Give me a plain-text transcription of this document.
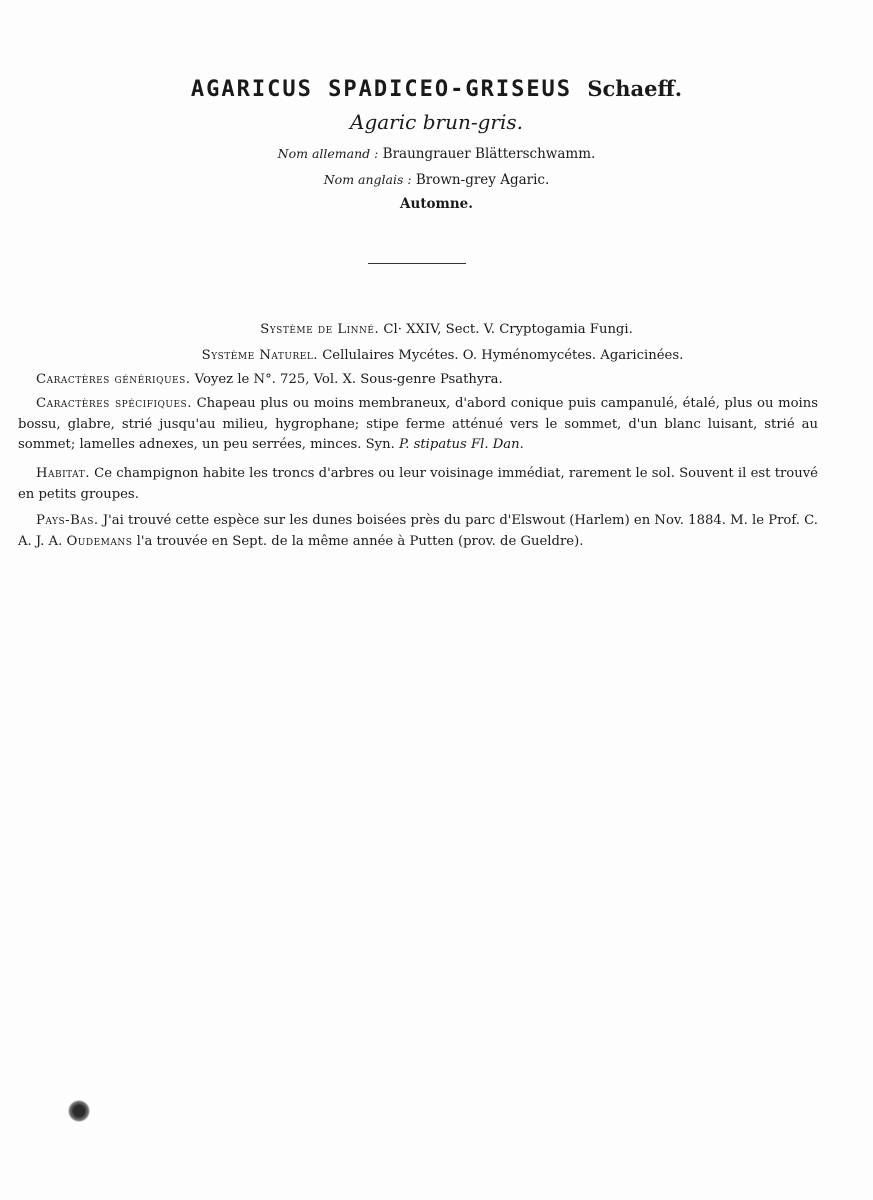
AGARICUS SPADICEO-GRISEUS Schaeff.
Agaric brun-gris.
Nom allemand : Braungrauer Blätterschwamm.
Nom anglais : Brown-grey Agaric.
Automne.
Système de Linné. Cl· XXIV, Sect. V. Cryptogamia Fungi.
Système Naturel. Cellulaires Mycétes. O. Hyménomycétes. Agaricinées.
Caractères génériques. Voyez le N°. 725, Vol. X. Sous-genre Psathyra.
Caractères spécifiques. Chapeau plus ou moins membraneux, d'abord conique puis campanulé, étalé, plus ou moins bossu, glabre, strié jusqu'au milieu, hygrophane; stipe ferme atténué vers le sommet, d'un blanc luisant, strié au sommet; lamelles adnexes, un peu serrées, minces. Syn. P. stipatus Fl. Dan.
Habitat. Ce champignon habite les troncs d'arbres ou leur voisinage immédiat, rarement le sol. Souvent il est trouvé en petits groupes.
Pays-Bas. J'ai trouvé cette espèce sur les dunes boisées près du parc d'Elswout (Harlem) en Nov. 1884. M. le Prof. C. A. J. A. Oudemans l'a trouvée en Sept. de la même année à Putten (prov. de Gueldre).
